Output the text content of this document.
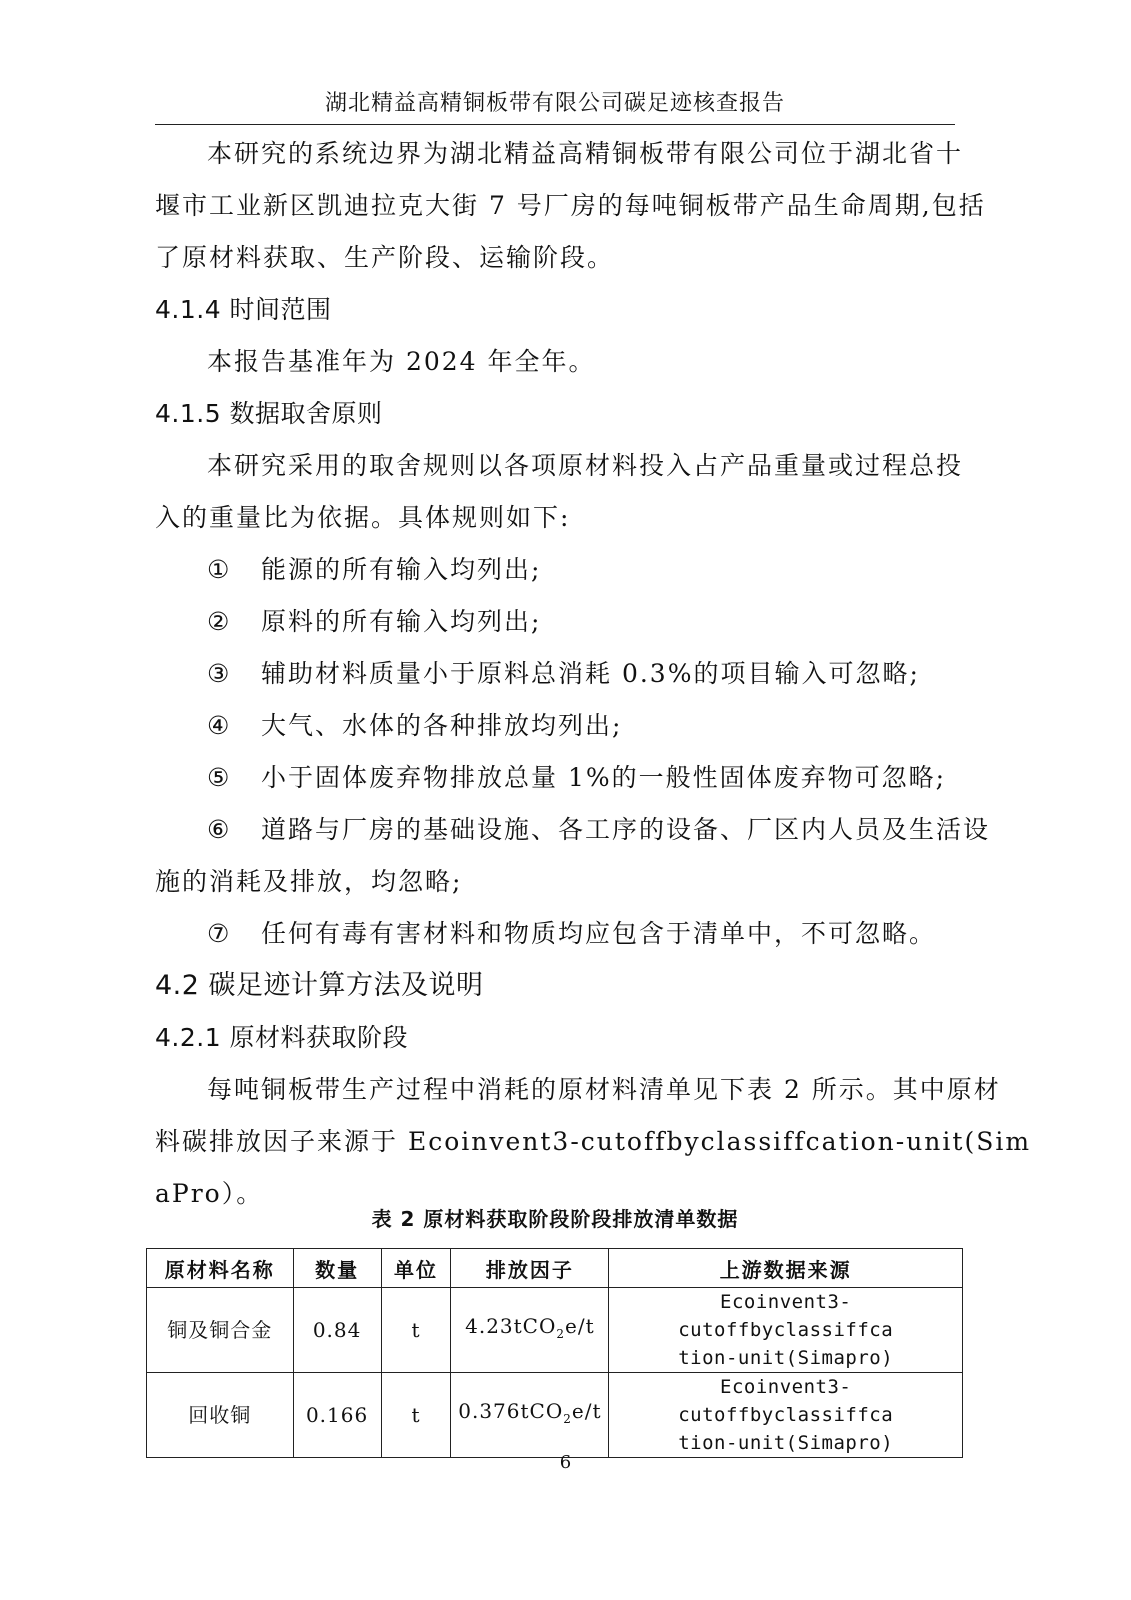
湖北精益高精铜板带有限公司碳足迹核查报告

本研究的系统边界为湖北精益高精铜板带有限公司位于湖北省十

堰市工业新区凯迪拉克大街 7 号厂房的每吨铜板带产品生命周期,包括

了原材料获取、生产阶段、运输阶段。

4.1.4 时间范围

本报告基准年为 2024 年全年。

4.1.5 数据取舍原则

本研究采用的取舍规则以各项原材料投入占产品重量或过程总投

入的重量比为依据。具体规则如下:

①	能源的所有输入均列出;
②	原料的所有输入均列出;
③	辅助材料质量小于原料总消耗 0.3%的项目输入可忽略;
④	大气、水体的各种排放均列出;
⑤	小于固体废弃物排放总量 1%的一般性固体废弃物可忽略;
⑥	道路与厂房的基础设施、各工序的设备、厂区内人员及生活设

施的消耗及排放，均忽略;

⑦	任何有毒有害材料和物质均应包含于清单中，不可忽略。
4.2 碳足迹计算方法及说明
4.2.1 原材料获取阶段

每吨铜板带生产过程中消耗的原材料清单见下表 2 所示。其中原材

料碳排放因子来源于 Ecoinvent3-cutoffbyclassiffcation-unit(Sim

aPro）。

表 2 原材料获取阶段阶段排放清单数据
原材料名称	数量	单位	排放因子	上游数据来源
铜及铜合金	0.84	t	4.23tCO$_2$e/t	Ecoinvent3-cutoffbyclassiffca
tion-unit(Simapro)
回收铜	0.166	t	0.376tCO$_2$e/t	Ecoinvent3-cutoffbyclassiffca
tion-unit(Simapro)
6
